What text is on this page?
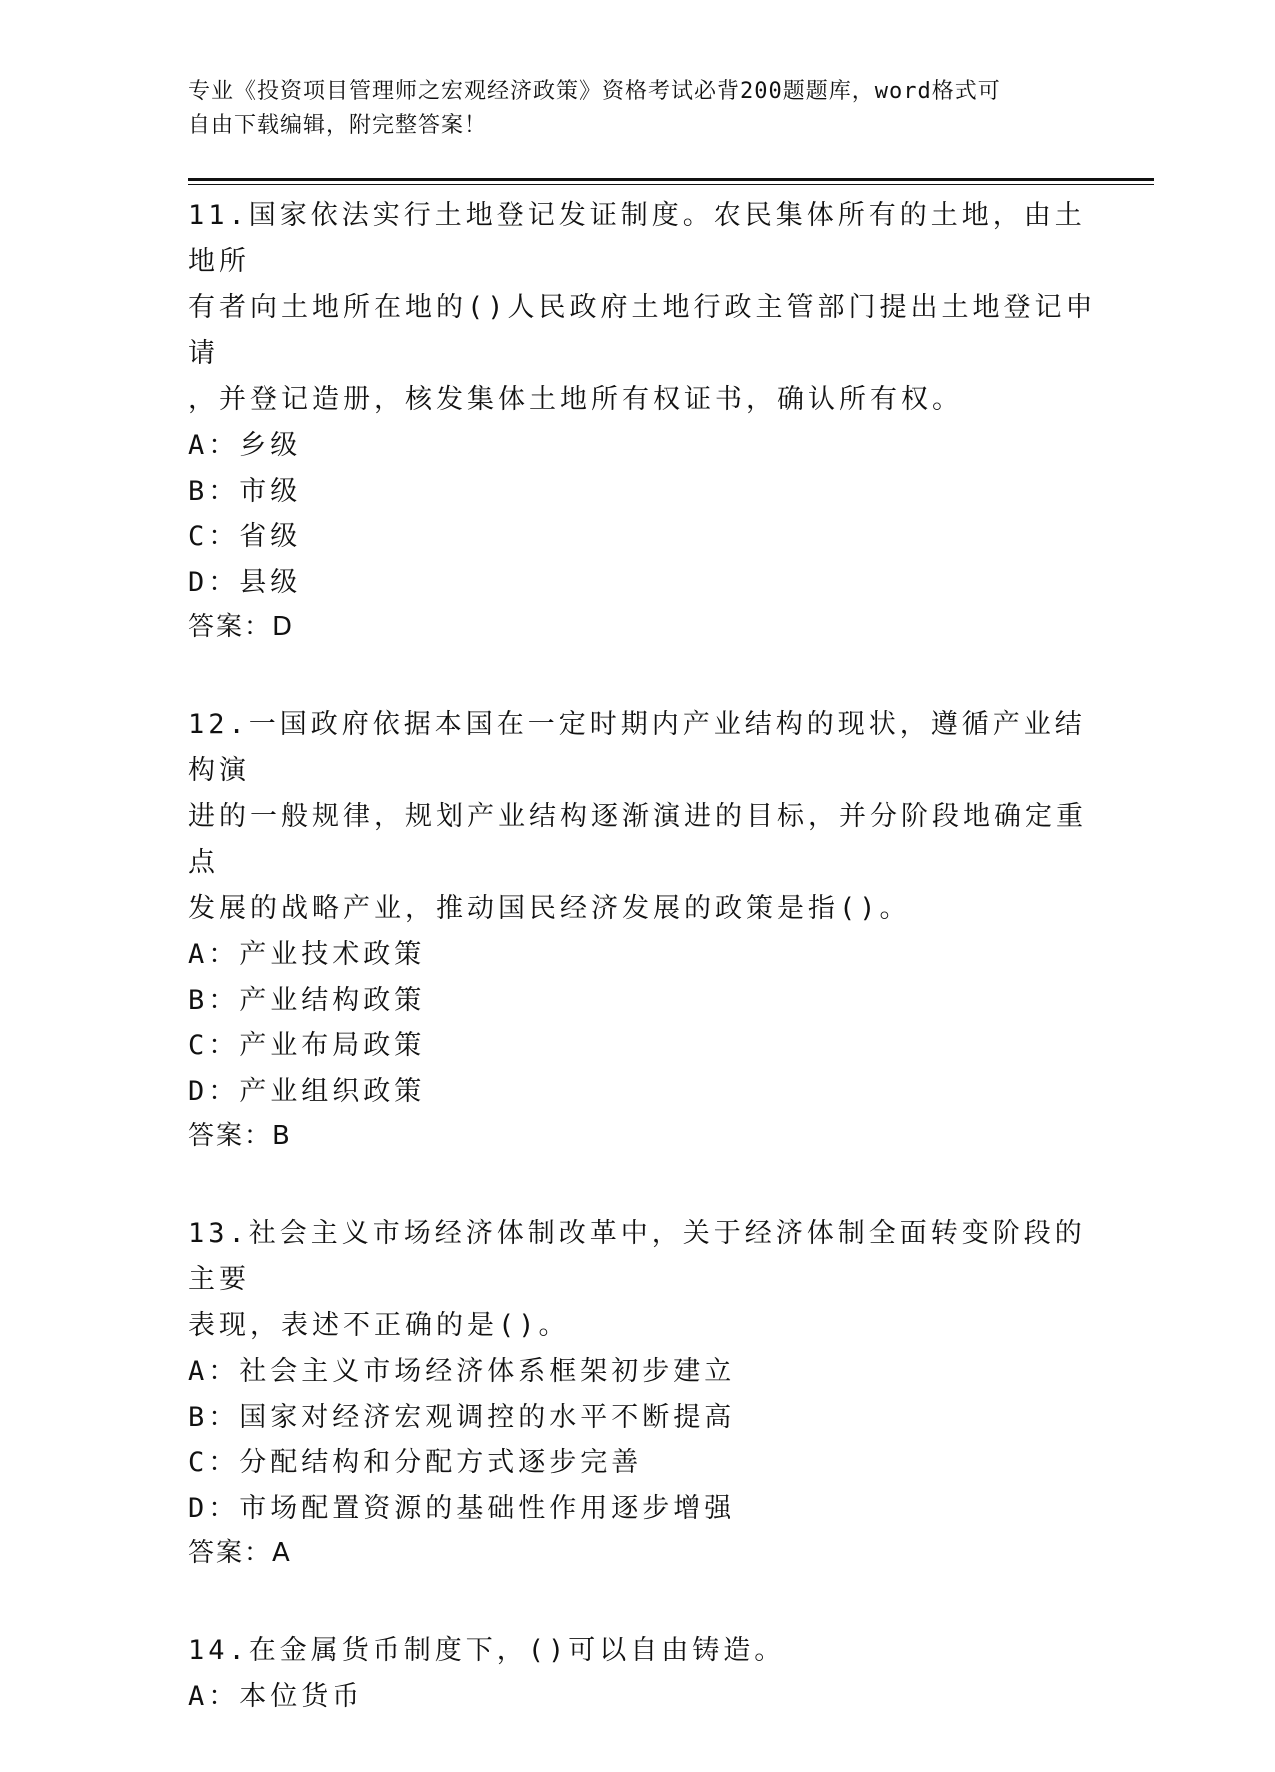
专业《投资项目管理师之宏观经济政策》资格考试必背200题题库，word格式可
自由下载编辑，附完整答案！
11.国家依法实行土地登记发证制度。农民集体所有的土地，由土地所
有者向土地所在地的()人民政府土地行政主管部门提出土地登记申请
，并登记造册，核发集体土地所有权证书，确认所有权。
A：乡级
B：市级
C：省级
D：县级
答案：D
12.一国政府依据本国在一定时期内产业结构的现状，遵循产业结构演
进的一般规律，规划产业结构逐渐演进的目标，并分阶段地确定重点
发展的战略产业，推动国民经济发展的政策是指()。
A：产业技术政策
B：产业结构政策
C：产业布局政策
D：产业组织政策
答案：B
13.社会主义市场经济体制改革中，关于经济体制全面转变阶段的主要
表现，表述不正确的是()。
A：社会主义市场经济体系框架初步建立
B：国家对经济宏观调控的水平不断提高
C：分配结构和分配方式逐步完善
D：市场配置资源的基础性作用逐步增强
答案：A
14.在金属货币制度下，()可以自由铸造。
A：本位货币
